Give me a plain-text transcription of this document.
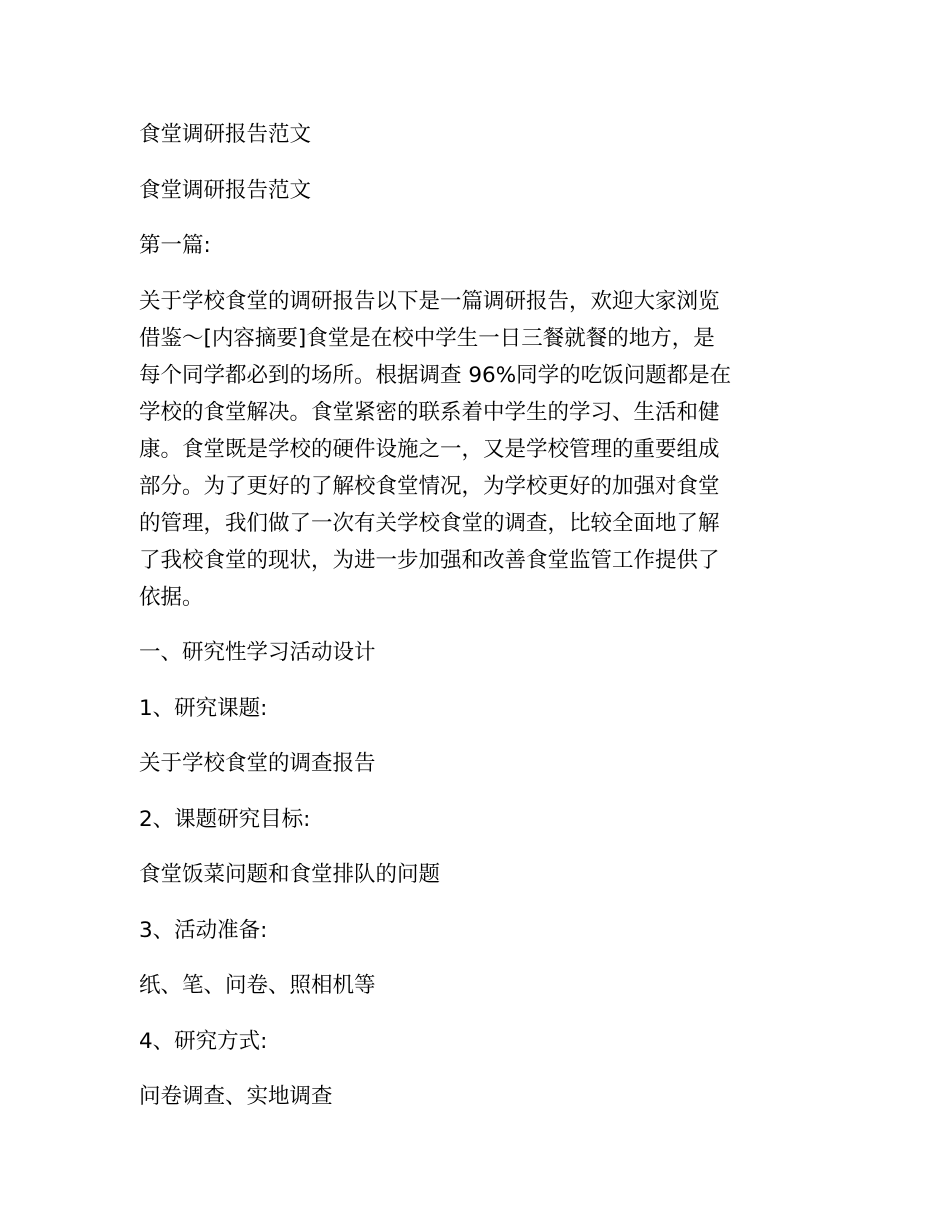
食堂调研报告范文

食堂调研报告范文

第一篇:

关于学校食堂的调研报告以下是一篇调研报告，欢迎大家浏览
借鉴～[内容摘要]食堂是在校中学生一日三餐就餐的地方，是
每个同学都必到的场所。根据调查 96%同学的吃饭问题都是在
学校的食堂解决。食堂紧密的联系着中学生的学习、生活和健
康。食堂既是学校的硬件设施之一，又是学校管理的重要组成
部分。为了更好的了解校食堂情况，为学校更好的加强对食堂
的管理，我们做了一次有关学校食堂的调查，比较全面地了解
了我校食堂的现状，为进一步加强和改善食堂监管工作提供了
依据。

一、研究性学习活动设计

1、研究课题:

关于学校食堂的调查报告

2、课题研究目标:

食堂饭菜问题和食堂排队的问题

3、活动准备:

纸、笔、问卷、照相机等

4、研究方式:

问卷调查、实地调查
